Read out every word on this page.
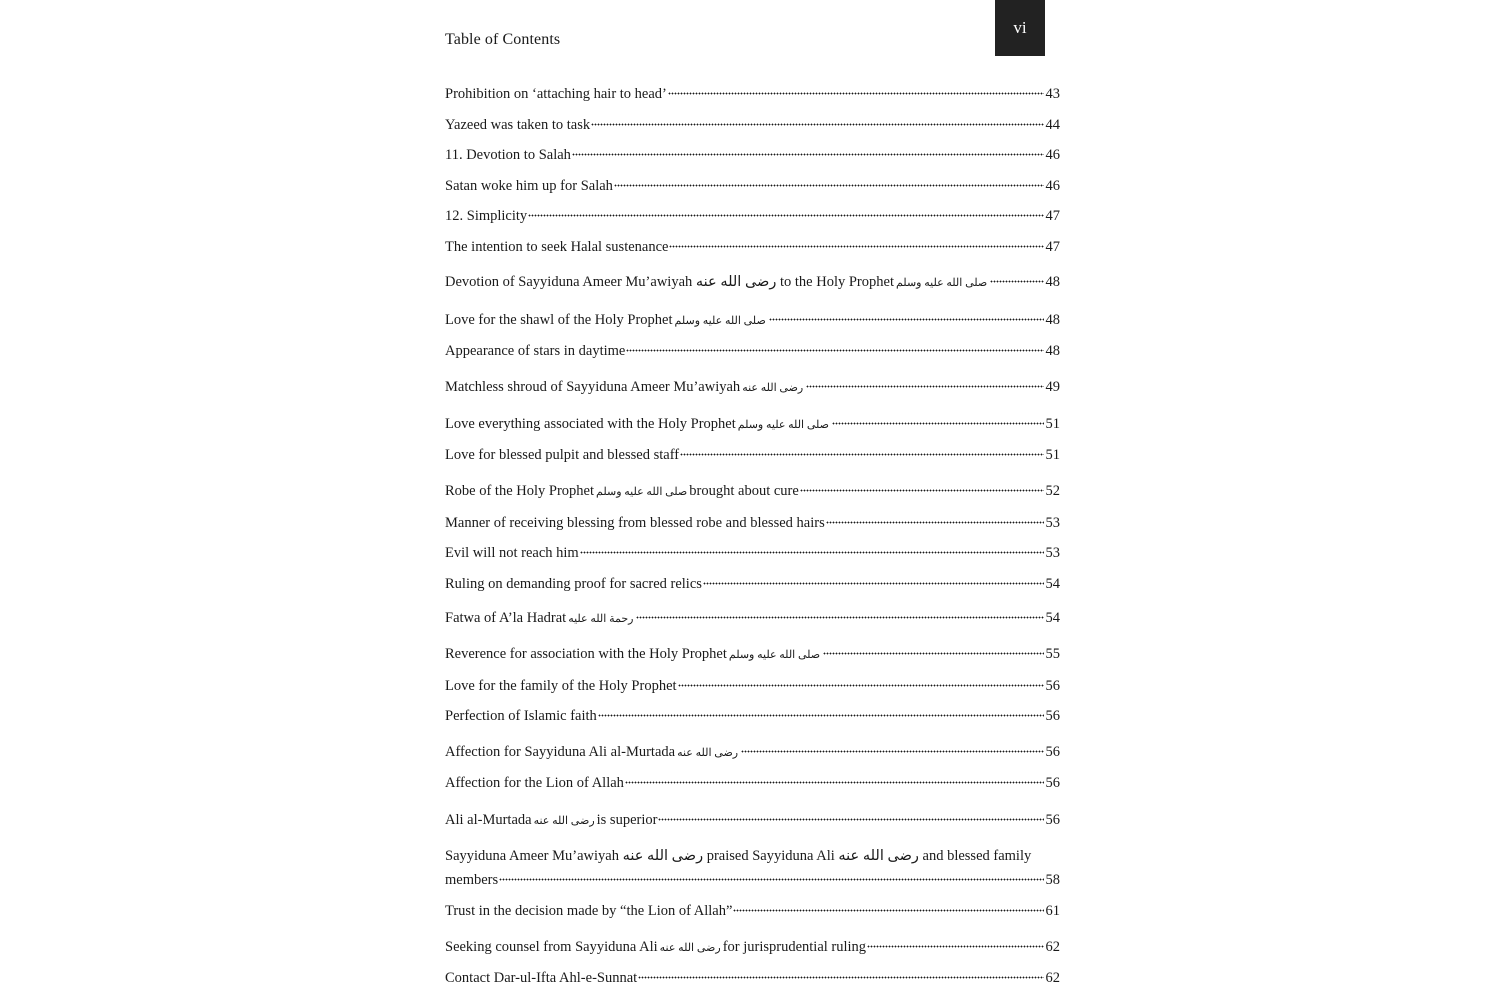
Table of Contents
vi
Prohibition on ‘attaching hair to head’	43
Yazeed was taken to task	44
11. Devotion to Salah	46
Satan woke him up for Salah	46
12. Simplicity	47
The intention to seek Halal sustenance	47
Devotion of Sayyiduna Ameer Mu’awiyah رضی الله عنه to the Holy Prophet صلی الله علیه وسلم	48
Love for the shawl of the Holy Prophet صلی الله علیه وسلم	48
Appearance of stars in daytime	48
Matchless shroud of Sayyiduna Ameer Mu’awiyah رضی الله عنه	49
Love everything associated with the Holy Prophet صلی الله علیه وسلم	51
Love for blessed pulpit and blessed staff	51
Robe of the Holy Prophet صلی الله علیه وسلم brought about cure	52
Manner of receiving blessing from blessed robe and blessed hairs	53
Evil will not reach him	53
Ruling on demanding proof for sacred relics	54
Fatwa of A’la Hadrat رحمة الله علیه	54
Reverence for association with the Holy Prophet صلی الله علیه وسلم	55
Love for the family of the Holy Prophet	56
Perfection of Islamic faith	56
Affection for Sayyiduna Ali al-Murtada رضی الله عنه	56
Affection for the Lion of Allah	56
Ali al-Murtada رضی الله عنه is superior	56
Sayyiduna Ameer Mu’awiyah رضی الله عنه praised Sayyiduna Ali رضی الله عنه and blessed family
members	58
Trust in the decision made by “the Lion of Allah”	61
Seeking counsel from Sayyiduna Ali رضی الله عنه for jurisprudential ruling	62
Contact Dar-ul-Ifta Ahl-e-Sunnat	62
